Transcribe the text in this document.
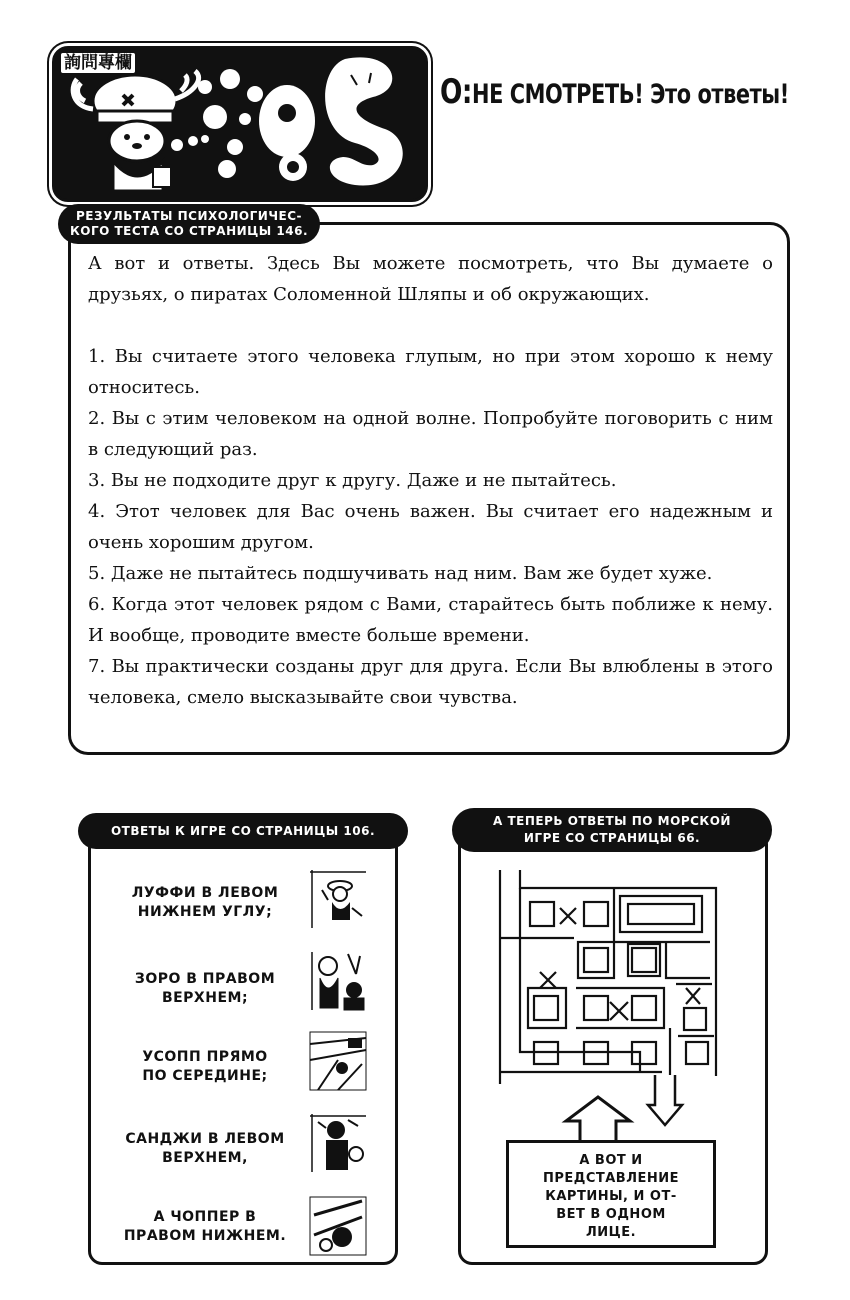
詢問專欄
О:НЕ СМОТРЕТЬ! Это ответы!
РЕЗУЛЬТАТЫ ПСИХОЛОГИЧЕС-
КОГО ТЕСТА СО СТРАНИЦЫ 146.

А вот и ответы. Здесь Вы можете посмотреть, что Вы думаете о друзьях, о пиратах Соломенной Шляпы и об окружающих.

1. Вы считаете этого человека глупым, но при этом хорошо к нему относитесь.

2. Вы с этим человеком на одной волне. Попробуйте поговорить с ним в следующий раз.

3. Вы не подходите друг к другу. Даже и не пытайтесь.

4. Этот человек для Вас очень важен. Вы считает его надежным и очень хорошим другом.

5. Даже не пытайтесь подшучивать над ним. Вам же будет хуже.

6. Когда этот человек рядом с Вами, старайтесь быть поближе к нему. И вообще, проводите вместе больше времени.

7. Вы практически созданы друг для друга. Если Вы влюблены в этого человека, смело высказывайте свои чувства.

ОТВЕТЫ К ИГРЕ СО СТРАНИЦЫ 106.
ЛУФФИ В ЛЕВОМ
НИЖНЕМ УГЛУ;
ЗОРО В ПРАВОМ
ВЕРХНЕМ;
УСОПП ПРЯМО
ПО СЕРЕДИНЕ;
САНДЖИ В ЛЕВОМ
ВЕРХНЕМ,
А ЧОППЕР В
ПРАВОМ НИЖНЕМ.
А ТЕПЕРЬ ОТВЕТЫ ПО МОРСКОЙ
ИГРЕ СО СТРАНИЦЫ 66.
А ВОТ И
ПРЕДСТАВЛЕНИЕ
КАРТИНЫ, И ОТ-
ВЕТ В ОДНОМ
ЛИЦЕ.
